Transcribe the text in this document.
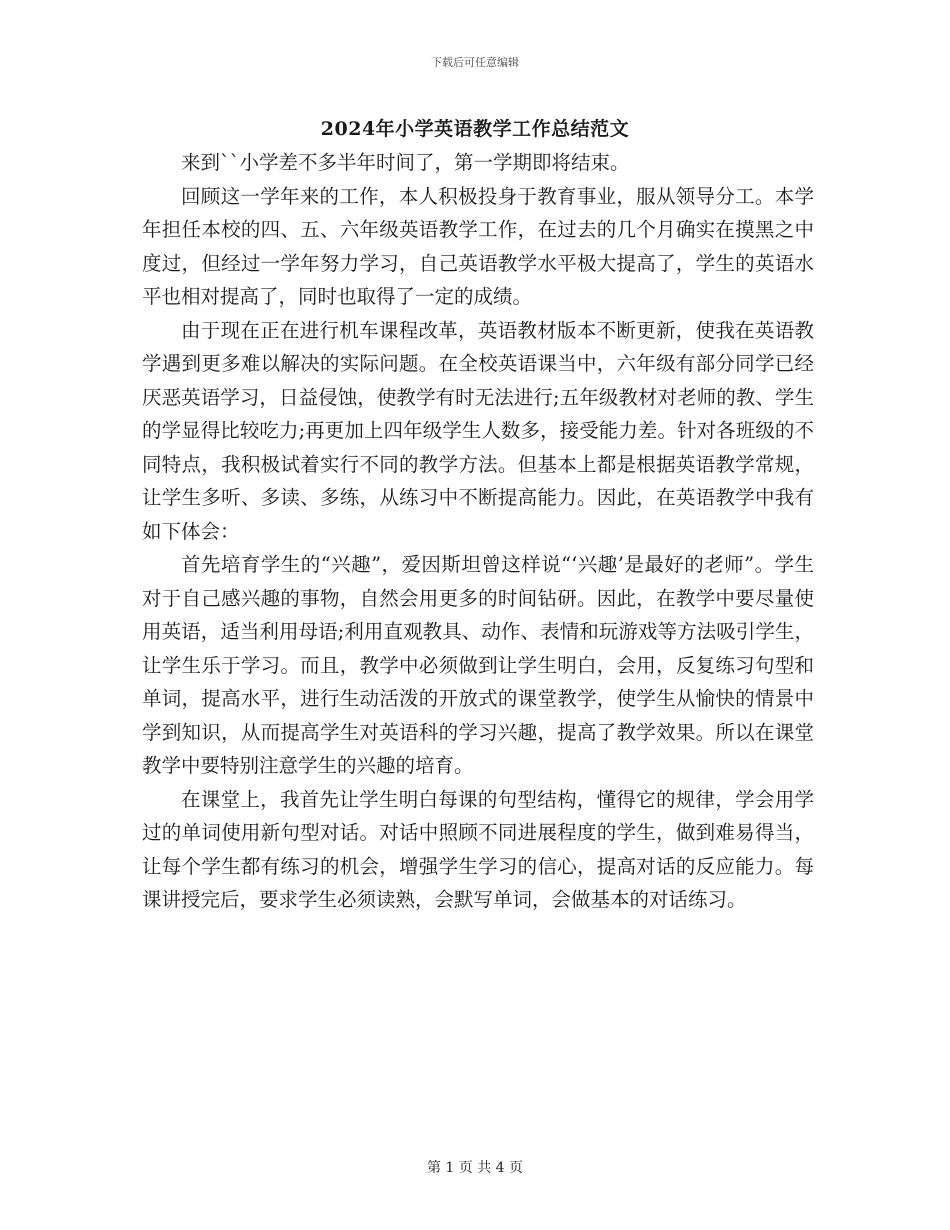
下载后可任意编辑
2024年小学英语教学工作总结范文

来到``小学差不多半年时间了，第一学期即将结束。

回顾这一学年来的工作，本人积极投身于教育事业，服从领导分工。本学年担任本校的四、五、六年级英语教学工作，在过去的几个月确实在摸黑之中度过，但经过一学年努力学习，自己英语教学水平极大提高了，学生的英语水平也相对提高了，同时也取得了一定的成绩。

由于现在正在进行机车课程改革，英语教材版本不断更新，使我在英语教学遇到更多难以解决的实际问题。在全校英语课当中，六年级有部分同学已经厌恶英语学习，日益侵蚀，使教学有时无法进行;五年级教材对老师的教、学生的学显得比较吃力;再更加上四年级学生人数多，接受能力差。针对各班级的不同特点，我积极试着实行不同的教学方法。但基本上都是根据英语教学常规，让学生多听、多读、多练，从练习中不断提高能力。因此，在英语教学中我有如下体会：

首先培育学生的“兴趣”，爱因斯坦曾这样说“‘兴趣’是最好的老师”。学生对于自己感兴趣的事物，自然会用更多的时间钻研。因此，在教学中要尽量使用英语，适当利用母语;利用直观教具、动作、表情和玩游戏等方法吸引学生，让学生乐于学习。而且，教学中必须做到让学生明白，会用，反复练习句型和单词，提高水平，进行生动活泼的开放式的课堂教学，使学生从愉快的情景中学到知识，从而提高学生对英语科的学习兴趣，提高了教学效果。所以在课堂教学中要特别注意学生的兴趣的培育。

在课堂上，我首先让学生明白每课的句型结构，懂得它的规律，学会用学过的单词使用新句型对话。对话中照顾不同进展程度的学生，做到难易得当，让每个学生都有练习的机会，增强学生学习的信心，提高对话的反应能力。每课讲授完后，要求学生必须读熟，会默写单词，会做基本的对话练习。

第 1 页 共 4 页
